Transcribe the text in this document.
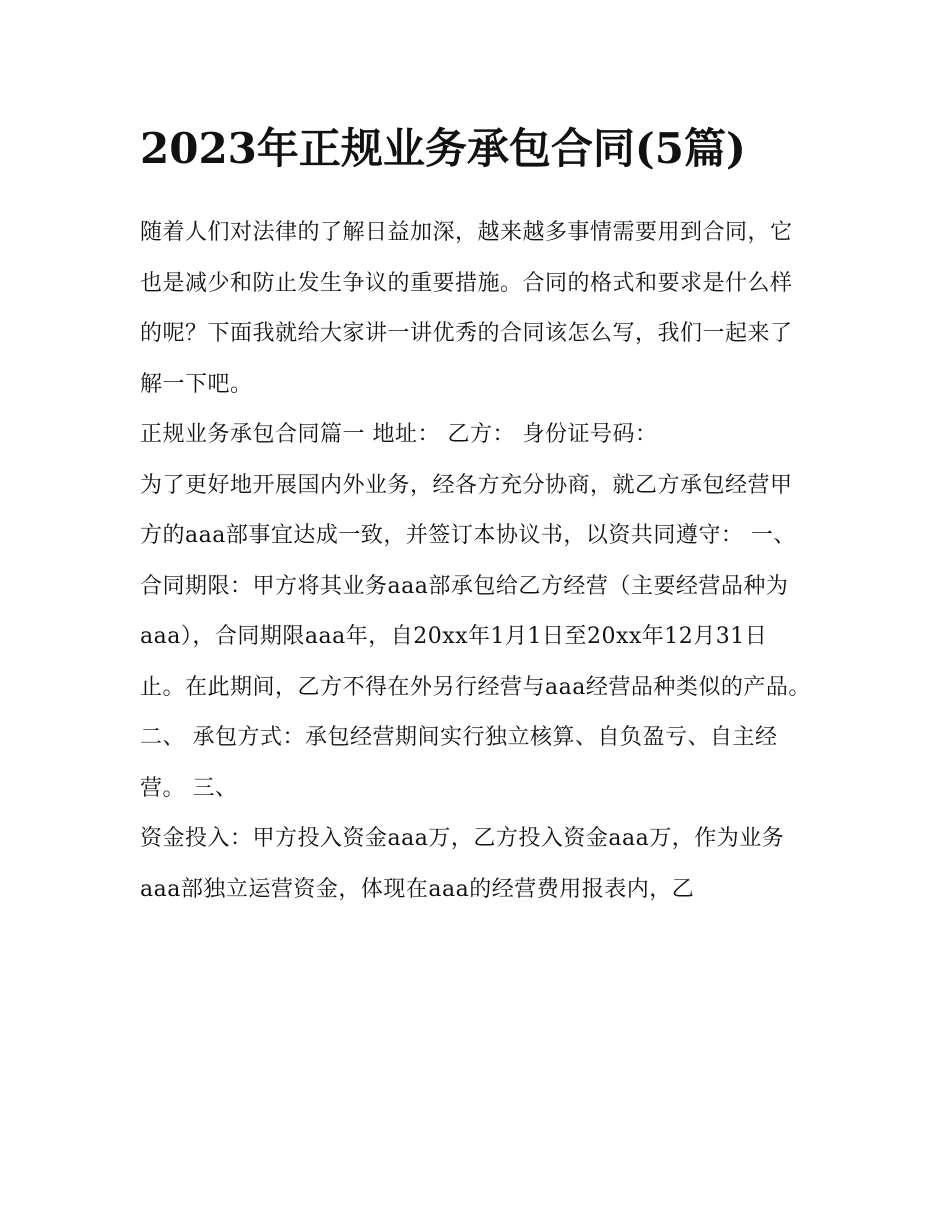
2023年正规业务承包合同(5篇)

随着人们对法律的了解日益加深，越来越多事情需要用到合同，它也是减少和防止发生争议的重要措施。合同的格式和要求是什么样的呢？下面我就给大家讲一讲优秀的合同该怎么写，我们一起来了解一下吧。

正规业务承包合同篇一 地址： 乙方： 身份证号码：

为了更好地开展国内外业务，经各方充分协商，就乙方承包经营甲方的aaa部事宜达成一致，并签订本协议书，以资共同遵守： 一、

合同期限：甲方将其业务aaa部承包给乙方经营（主要经营品种为aaa），合同期限aaa年，自20xx年1月1日至20xx年12月31日止。在此期间，乙方不得在外另行经营与aaa经营品种类似的产品。

二、 承包方式：承包经营期间实行独立核算、自负盈亏、自主经营。 三、

资金投入：甲方投入资金aaa万，乙方投入资金aaa万，作为业务aaa部独立运营资金，体现在aaa的经营费用报表内，乙
